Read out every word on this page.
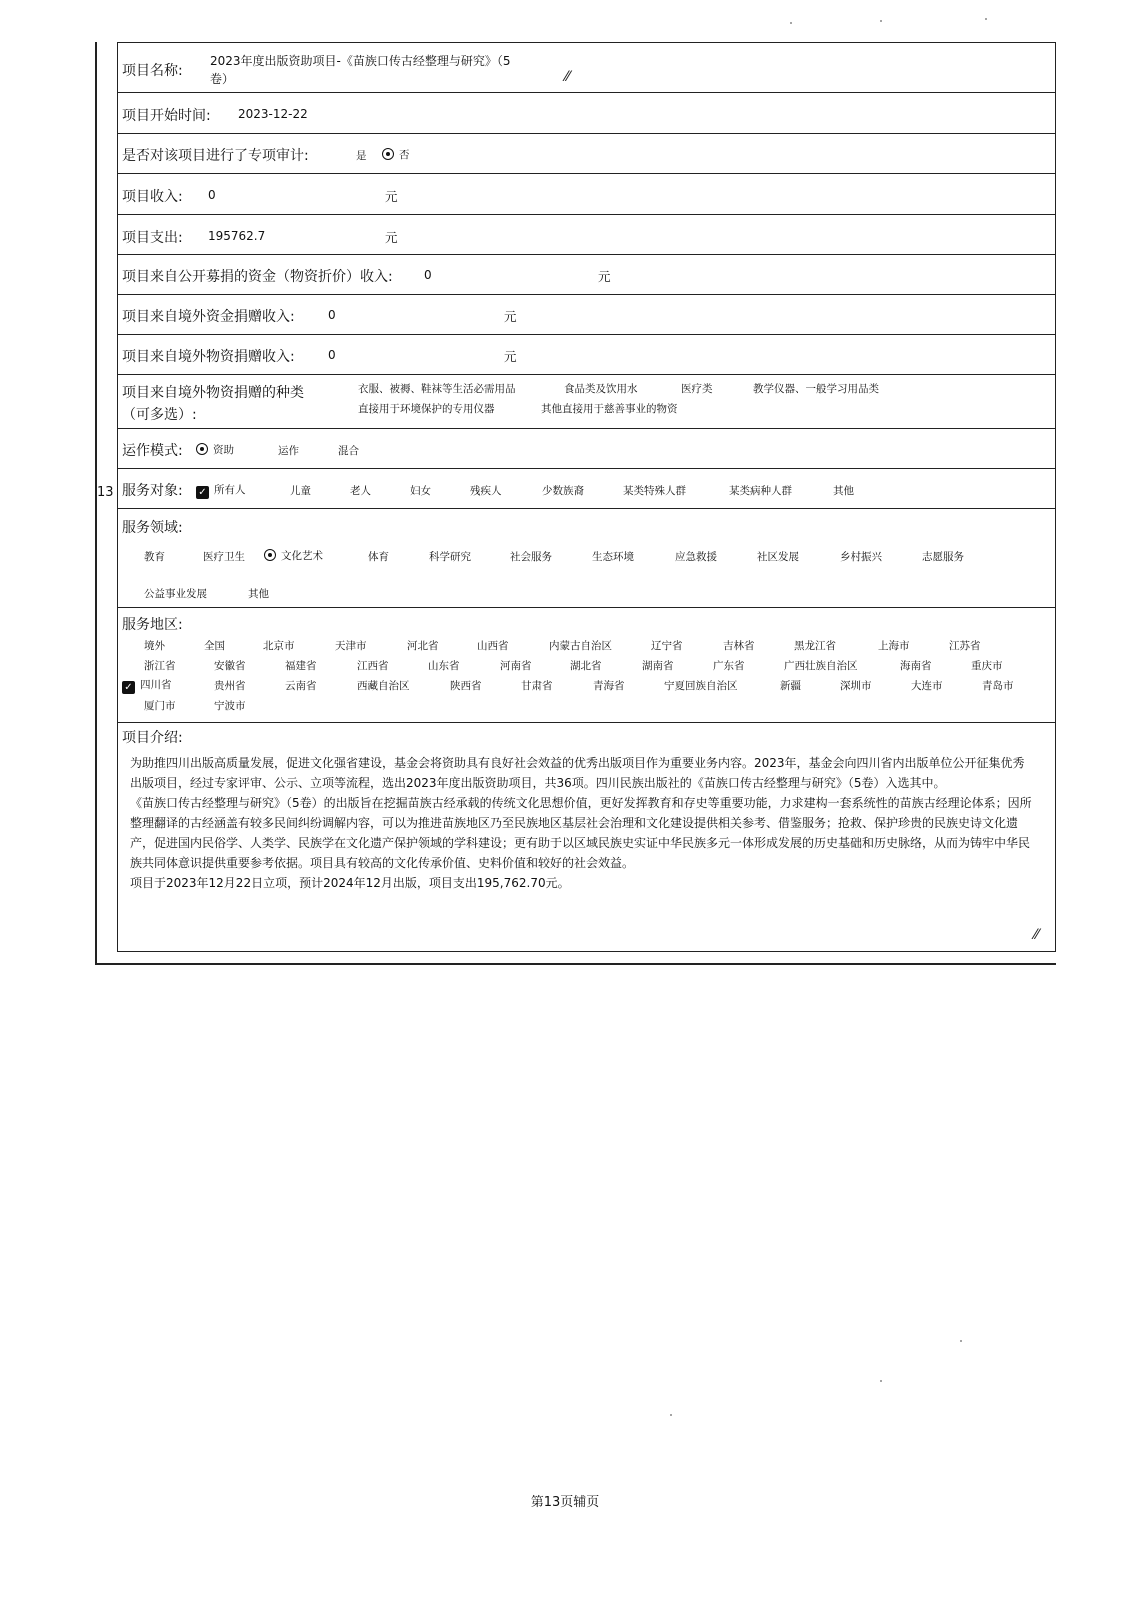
13
项目名称:
2023年度出版资助项目-《苗族口传古经整理与研究》（5
卷）	⁄⁄
项目开始时间: 2023-12-22
是否对该项目进行了专项审计:	是	否
项目收入: 0	元
项目支出: 195762.7	元
项目来自公开募捐的资金（物资折价）收入:	0	元
项目来自境外资金捐赠收入:	0	元
项目来自境外物资捐赠收入:	0	元
项目来自境外物资捐赠的种类
（可多选）:
衣服、被褥、鞋袜等生活必需用品	食品类及饮用水	医疗类	教学仪器、一般学习用品类
直接用于环境保护的专用仪器	其他直接用于慈善事业的物资
运作模式:	资助	运作	混合
服务对象: ✓ 所有人	儿童	老人	妇女	残疾人	少数族裔	某类特殊人群	某类病种人群	其他
服务领域:
教育	医疗卫生	文化艺术	体育	科学研究	社会服务	生态环境	应急救援	社区发展	乡村振兴	志愿服务
公益事业发展	其他
服务地区:
境外	全国	北京市	天津市	河北省	山西省	内蒙古自治区	辽宁省	吉林省	黑龙江省	上海市	江苏省
浙江省	安徽省	福建省	江西省	山东省	河南省	湖北省	湖南省	广东省	广西壮族自治区	海南省	重庆市
✓ 四川省	贵州省	云南省	西藏自治区	陕西省	甘肃省	青海省	宁夏回族自治区	新疆	深圳市	大连市	青岛市
厦门市	宁波市
项目介绍:

为助推四川出版高质量发展，促进文化强省建设，基金会将资助具有良好社会效益的优秀出版项目作为重要业务内容。2023年，基金会向四川省内出版单位公开征集优秀出版项目，经过专家评审、公示、立项等流程，选出2023年度出版资助项目，共36项。四川民族出版社的《苗族口传古经整理与研究》（5卷）入选其中。

《苗族口传古经整理与研究》（5卷）的出版旨在挖掘苗族古经承载的传统文化思想价值，更好发挥教育和存史等重要功能，力求建构一套系统性的苗族古经理论体系；因所整理翻译的古经涵盖有较多民间纠纷调解内容，可以为推进苗族地区乃至民族地区基层社会治理和文化建设提供相关参考、借鉴服务；抢救、保护珍贵的民族史诗文化遗产，促进国内民俗学、人类学、民族学在文化遗产保护领域的学科建设；更有助于以区域民族史实证中华民族多元一体形成发展的历史基础和历史脉络，从而为铸牢中华民族共同体意识提供重要参考依据。项目具有较高的文化传承价值、史料价值和较好的社会效益。

项目于2023年12月22日立项，预计2024年12月出版，项目支出195,762.70元。

⁄⁄
第13页辅页
